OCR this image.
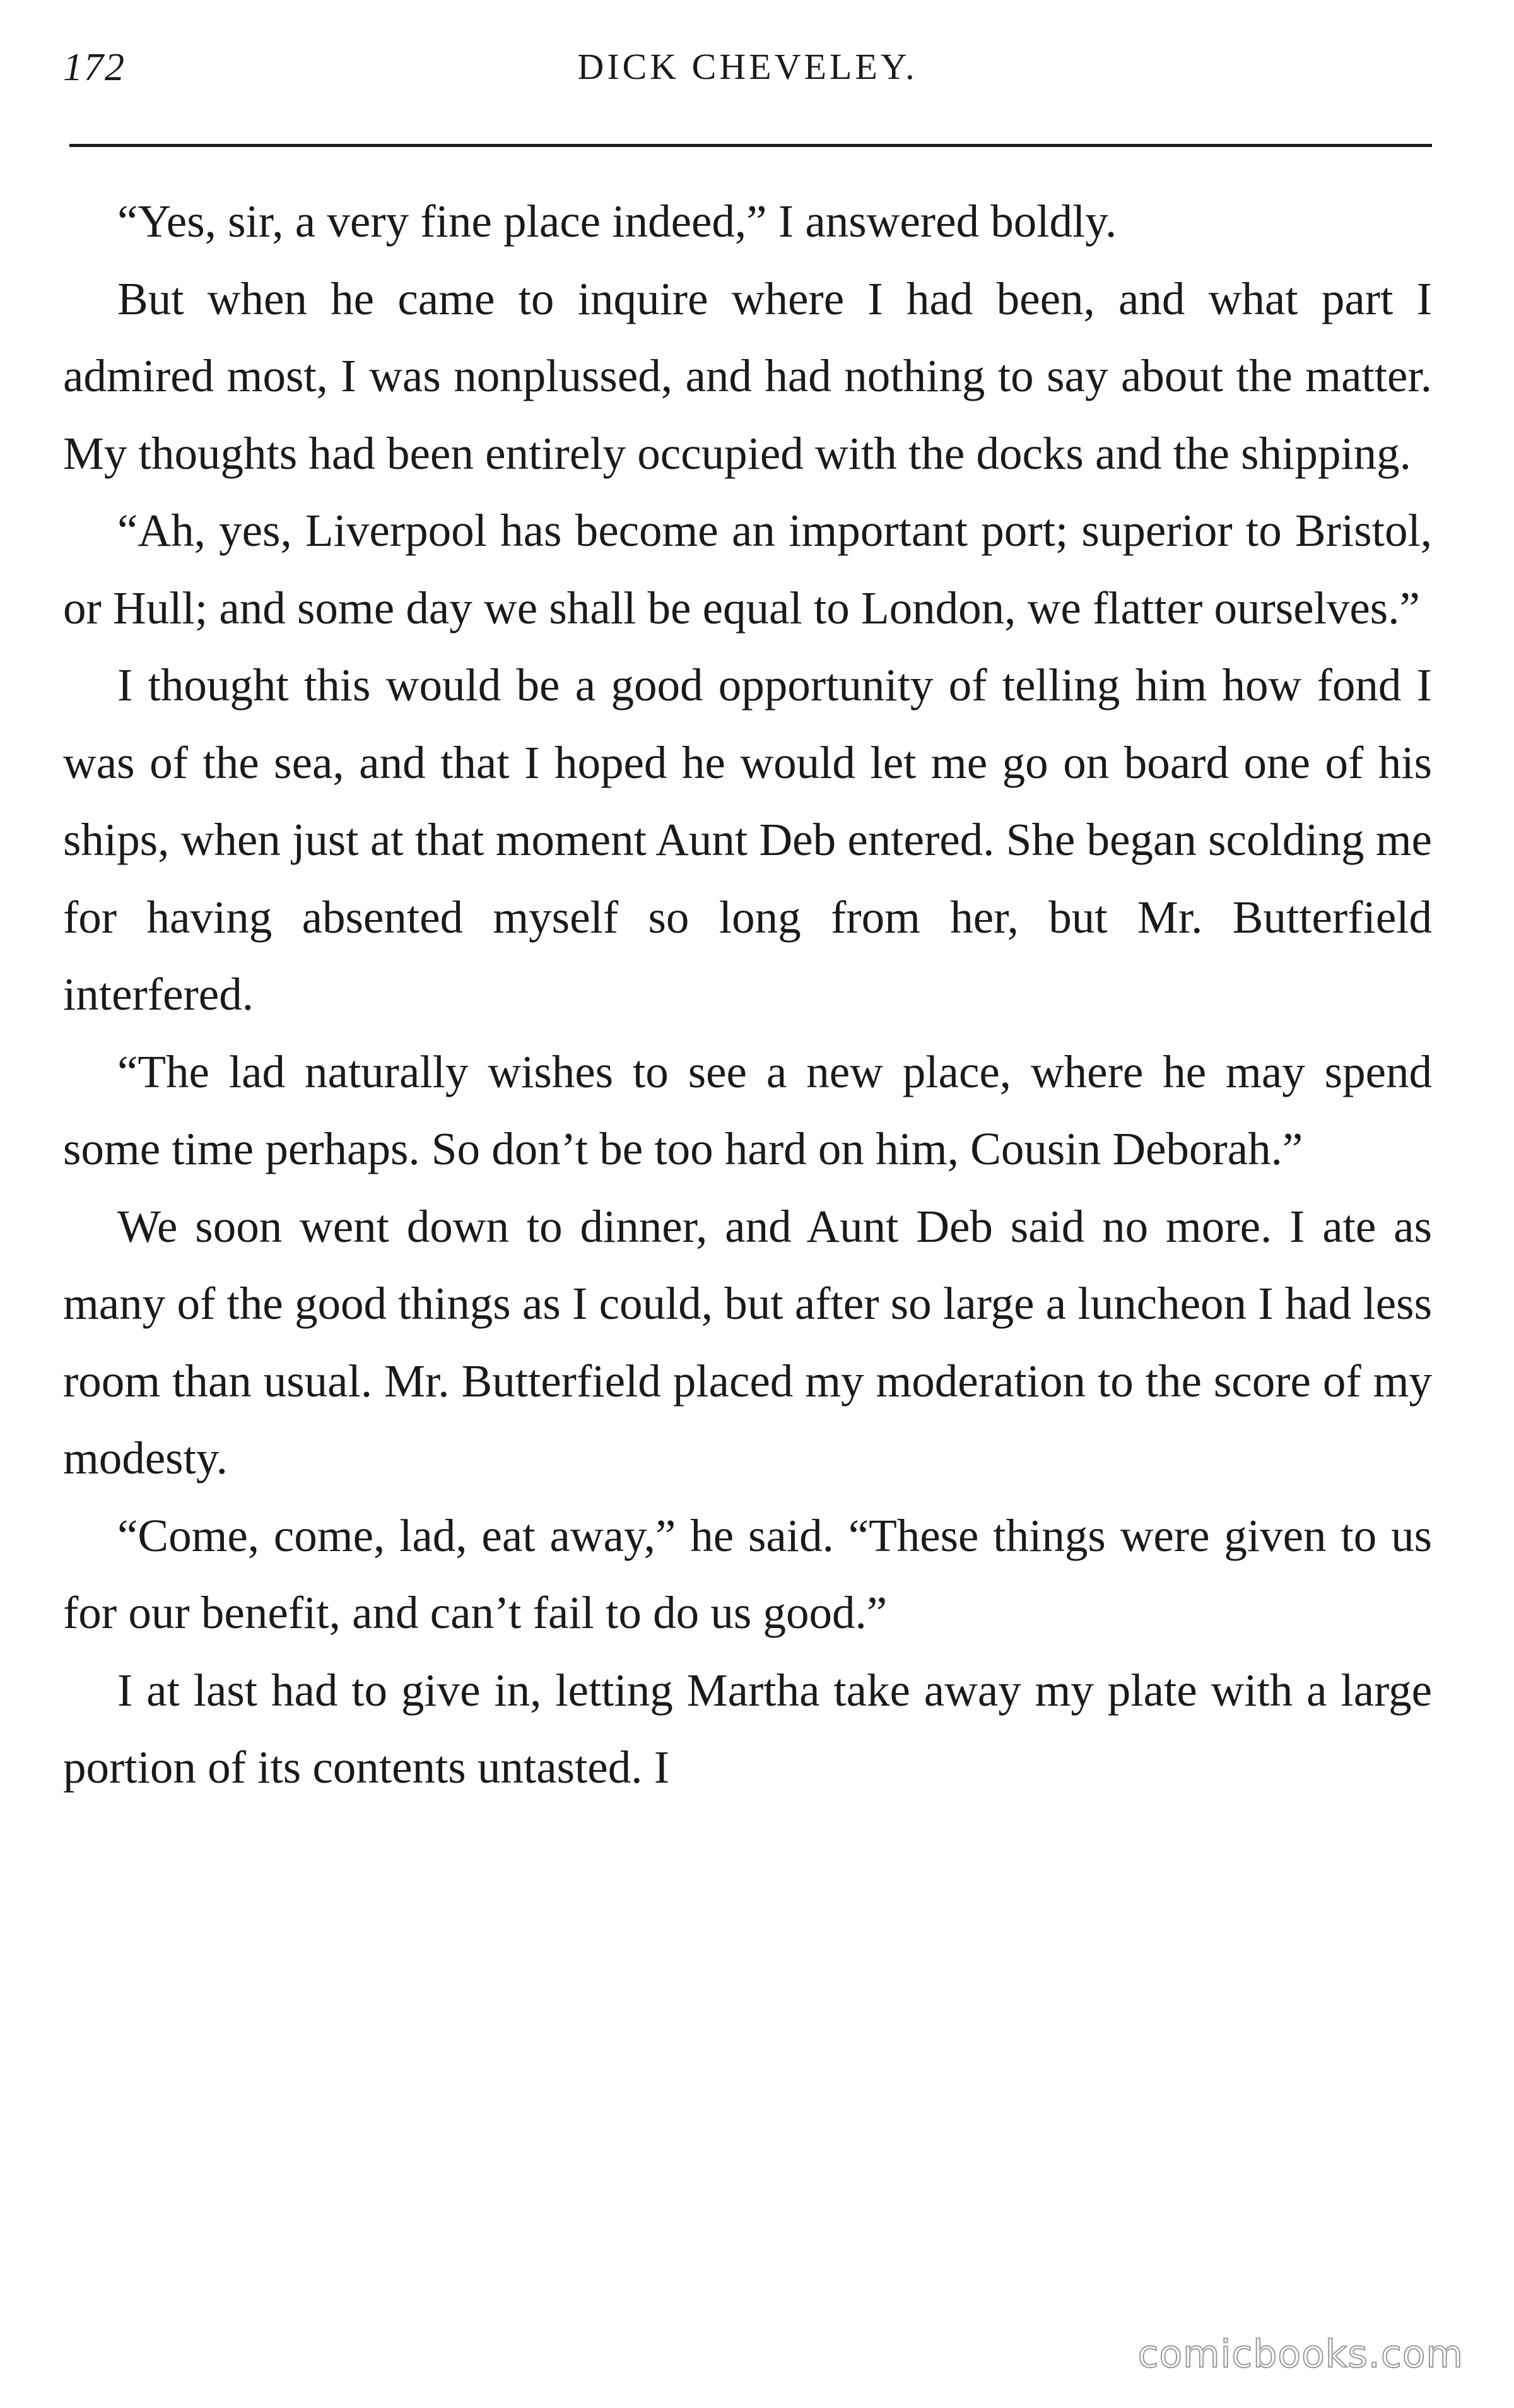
172	DICK CHEVELEY.

“Yes, sir, a very fine place indeed,” I answered boldly.

But when he came to inquire where I had been, and what part I admired most, I was nonplussed, and had nothing to say about the matter. My thoughts had been entirely occupied with the docks and the shipping.

“Ah, yes, Liverpool has become an important port; superior to Bristol, or Hull; and some day we shall be equal to London, we flatter ourselves.”

I thought this would be a good opportunity of telling him how fond I was of the sea, and that I hoped he would let me go on board one of his ships, when just at that moment Aunt Deb entered. She began scolding me for having absented myself so long from her, but Mr. Butterfield interfered.

“The lad naturally wishes to see a new place, where he may spend some time perhaps. So don’t be too hard on him, Cousin Deborah.”

We soon went down to dinner, and Aunt Deb said no more. I ate as many of the good things as I could, but after so large a luncheon I had less room than usual. Mr. Butterfield placed my moderation to the score of my modesty.

“Come, come, lad, eat away,” he said. “These things were given to us for our benefit, and can’t fail to do us good.”

I at last had to give in, letting Martha take away my plate with a large portion of its contents untasted. I

comicbooks.com
